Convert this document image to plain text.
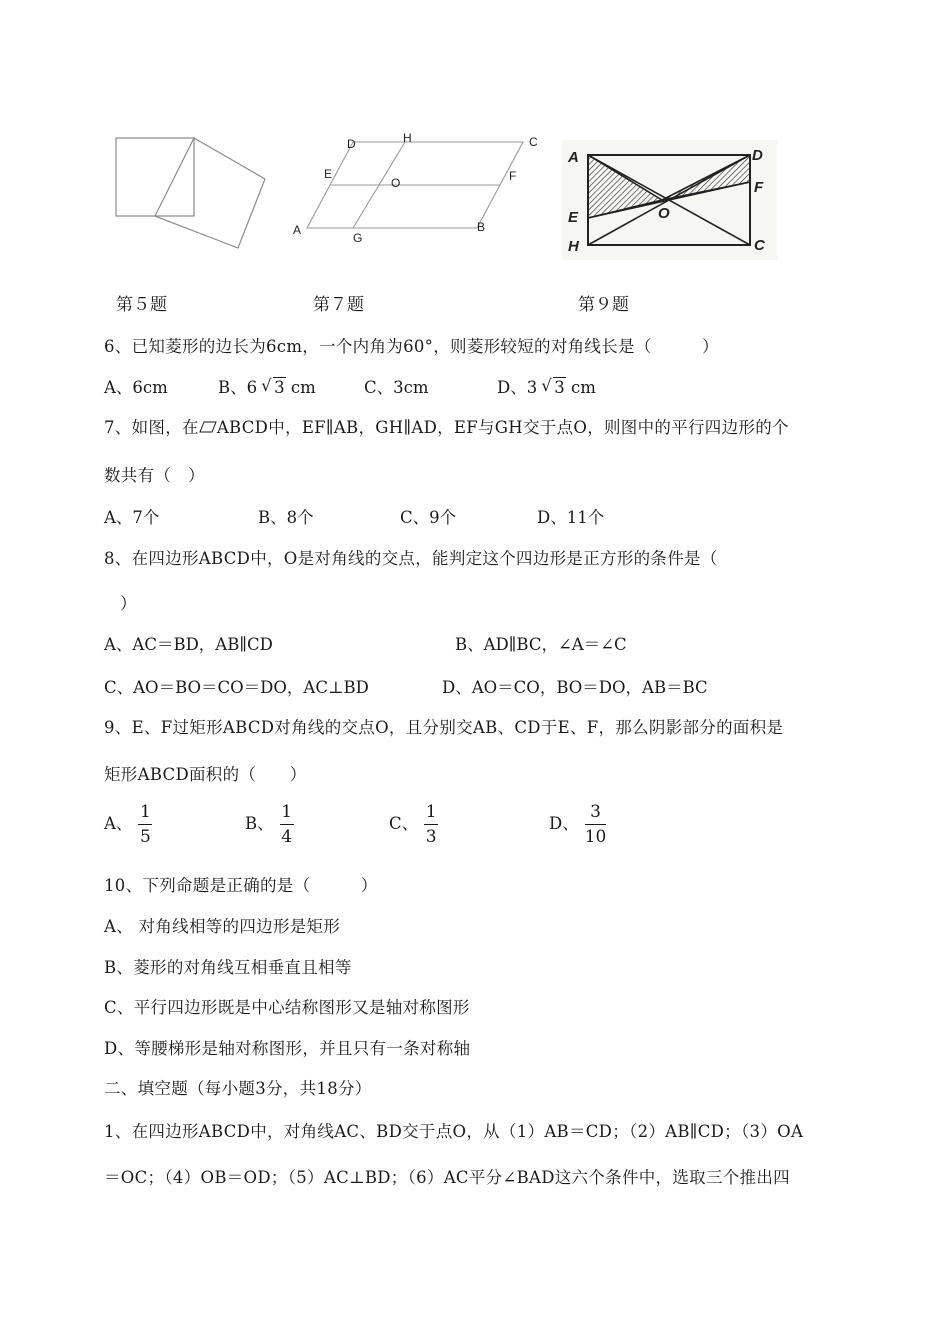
D	H	C
E
O	F
A
G
B
A	D
F
E	O
H	C
第５题	第７题	第９题
6、已知菱形的边长为6cm，一个内角为60°，则菱形较短的对角线长是（　　　）
A、6cm	B、6 √ 3 cm	C、3cm	D、3 √ 3 cm
7、如图，在 ABCD中，EF∥AB，GH∥AD，EF与GH交于点O，则图中的平行四边形的个
数共有（　）
A、7个	B、8个	C、9个	D、11个
8、在四边形ABCD中，O是对角线的交点，能判定这个四边形是正方形的条件是（
）
A、AC＝BD，AB∥CD	B、AD∥BC，∠A＝∠C
C、AO＝BO＝CO＝DO，AC⊥BD	D、AO＝CO，BO＝DO，AB＝BC
9、E、F过矩形ABCD对角线的交点O，且分别交AB、CD于E、F，那么阴影部分的面积是
矩形ABCD面积的（　　）
A、 $\frac{1}{5}$	B、 $\frac{1}{4}$	C、 $\frac{1}{3}$	D、 $\frac{3}{10}$
10、下列命题是正确的是（　　　）
A、 对角线相等的四边形是矩形
B、菱形的对角线互相垂直且相等
C、平行四边形既是中心结称图形又是轴对称图形
D、等腰梯形是轴对称图形，并且只有一条对称轴
二、填空题（每小题3分，共18分）
1、在四边形ABCD中，对角线AC、BD交于点O，从（1）AB＝CD；（2）AB∥CD；（3）OA
＝OC；（4）OB＝OD；（5）AC⊥BD；（6）AC平分∠BAD这六个条件中，选取三个推出四
